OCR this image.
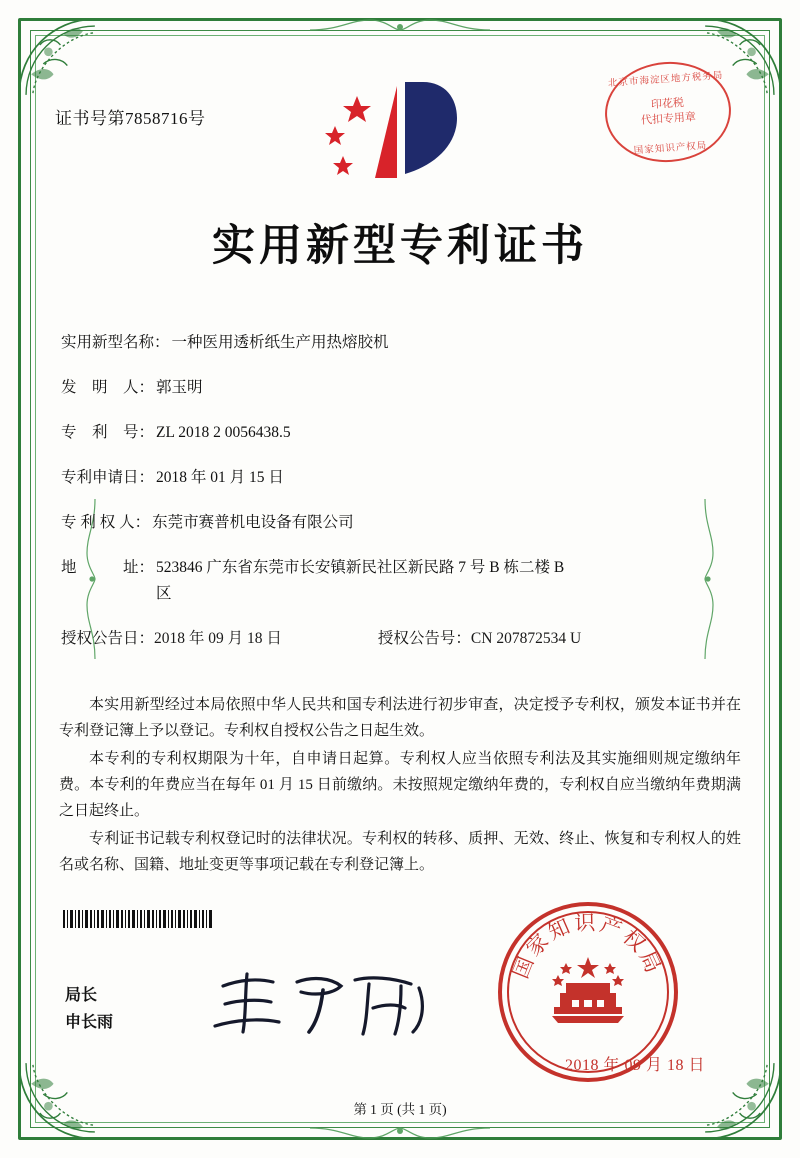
证书号第7858716号
北京市海淀区地方税务局
印花税
代扣专用章
国家知识产权局
实用新型专利证书
实用新型名称： 一种医用透析纸生产用热熔胶机
发　明　人： 郭玉明
专　利　号： ZL 2018 2 0056438.5
专利申请日： 2018 年 01 月 15 日
专 利 权 人： 东莞市赛普机电设备有限公司
地　　　址： 523846 广东省东莞市长安镇新民社区新民路 7 号 B 栋二楼 B
区
授权公告日： 2018 年 09 月 18 日	授权公告号： CN 207872534 U

本实用新型经过本局依照中华人民共和国专利法进行初步审查，决定授予专利权，颁发本证书并在专利登记簿上予以登记。专利权自授权公告之日起生效。

本专利的专利权期限为十年，自申请日起算。专利权人应当依照专利法及其实施细则规定缴纳年费。本专利的年费应当在每年 01 月 15 日前缴纳。未按照规定缴纳年费的，专利权自应当缴纳年费期满之日起终止。

专利证书记载专利权登记时的法律状况。专利权的转移、质押、无效、终止、恢复和专利权人的姓名或名称、国籍、地址变更等事项记载在专利登记簿上。

局长
申长雨
国家知识产权局
2018 年 09 月 18 日
第 1 页 (共 1 页)
